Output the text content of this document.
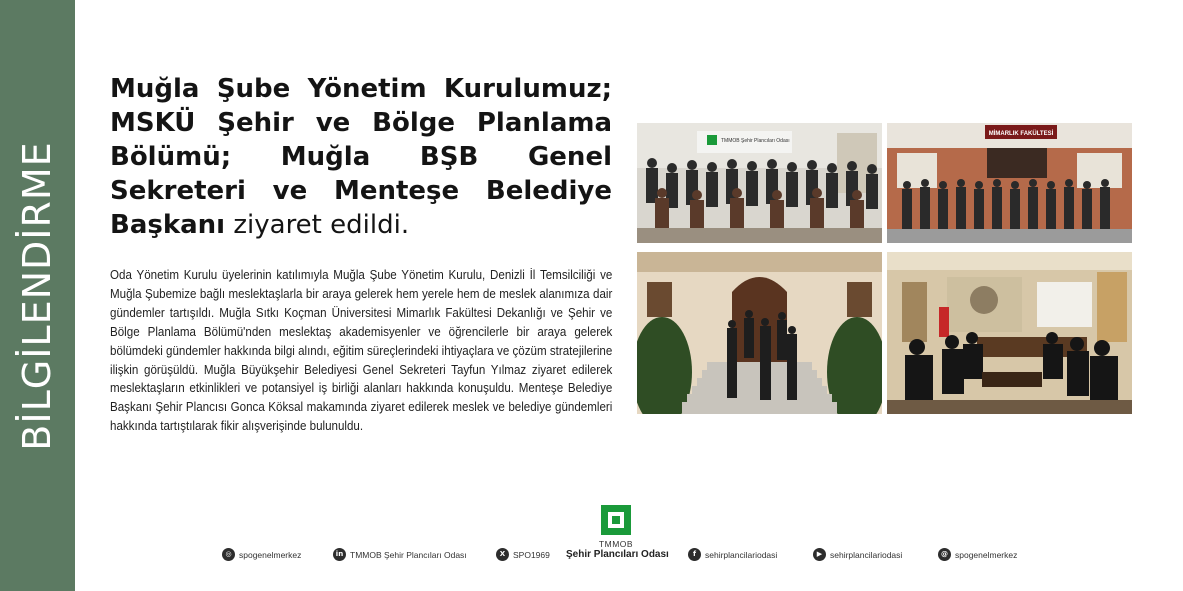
BİLGİLENDİRME
Muğla Şube Yönetim Kurulumuz; MSKÜ Şehir ve Bölge Planlama Bölümü; Muğla BŞB Genel Sekreteri ve Menteşe Belediye Başkanı ziyaret edildi.

Oda Yönetim Kurulu üyelerinin katılımıyla Muğla Şube Yönetim Kurulu, Denizli İl Temsilciliği ve Muğla Şubemize bağlı meslektaşlarla bir araya gelerek hem yerele hem de meslek alanımıza dair gündemler tartışıldı. Muğla Sıtkı Koçman Üniversitesi Mimarlık Fakültesi Dekanlığı ve Şehir ve Bölge Planlama Bölümü'nden meslektaş akademisyenler ve öğrencilerle bir araya gelerek bölümdeki gündemler hakkında bilgi alındı, eğitim süreçlerindeki ihtiyaçlara ve çözüm stratejilerine ilişkin görüşüldü. Muğla Büyükşehir Belediyesi Genel Sekreteri Tayfun Yılmaz ziyaret edilerek meslektaşların etkinlikleri ve potansiyel iş birliği alanları hakkında konuşuldu. Menteşe Belediye Başkanı Şehir Plancısı Gonca Köksal makamında ziyaret edilerek meslek ve belediye gündemleri hakkında tartıştılarak fikir alışverişinde bulunuldu.

TMMOB Şehir Plancıları Odası
MİMARLIK FAKÜLTESİ
TMMOB
Şehir Plancıları Odası
◎ spogenelmerkez	in TMMOB Şehir Plancıları Odası	X SPO1969	f	sehirplancilariodasi	▶ sehirplancilariodasi	@ spogenelmerkez
